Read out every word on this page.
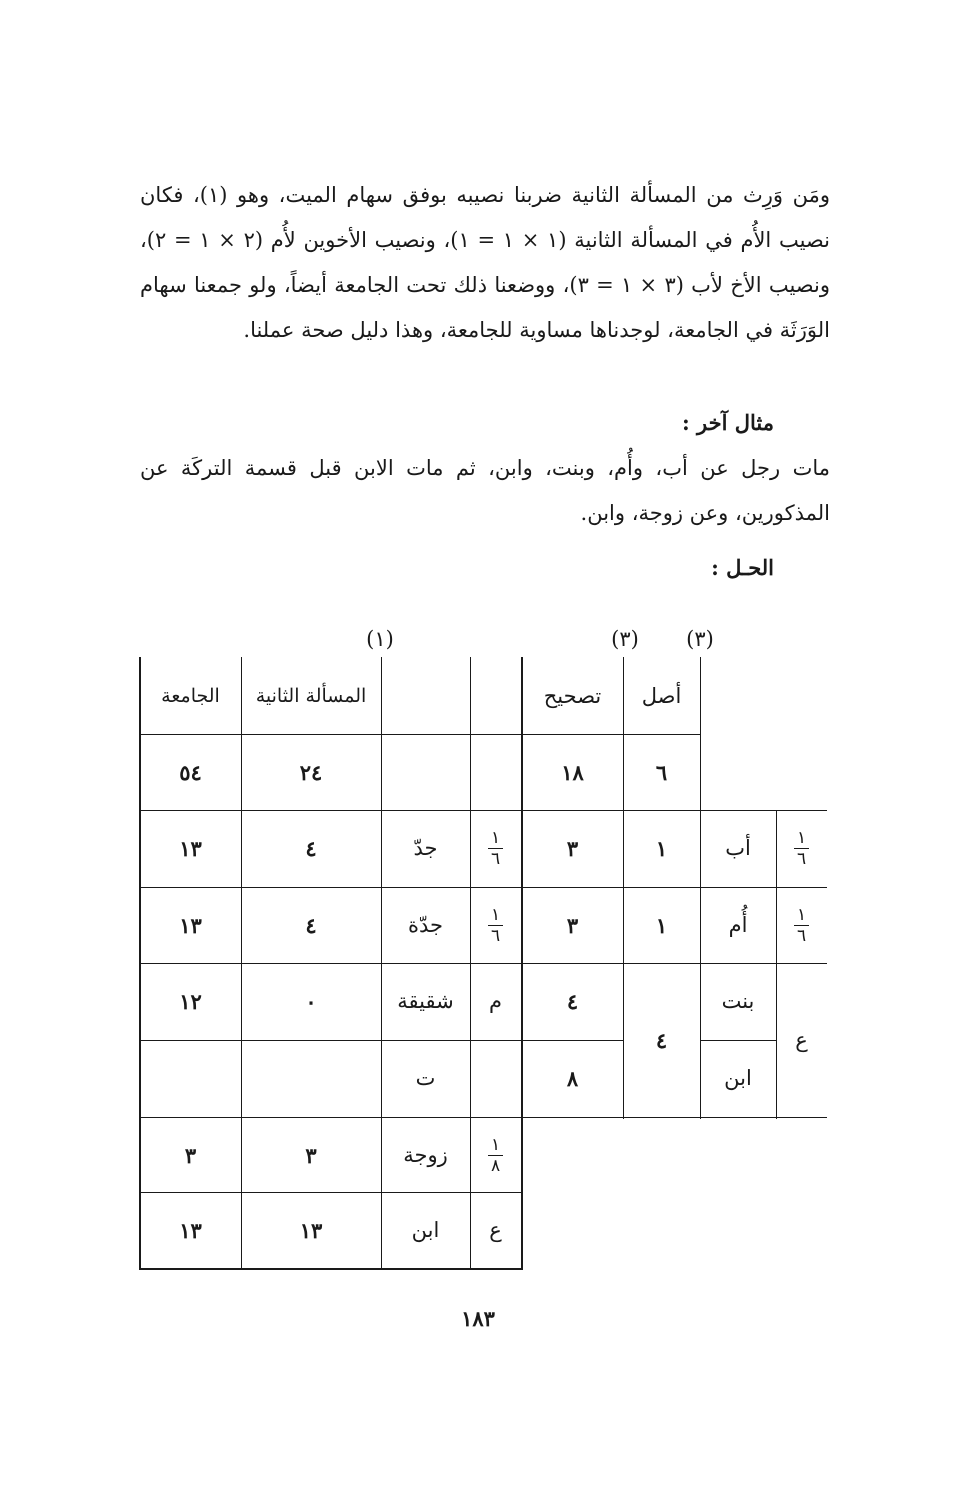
ومَن وَرِث من المسألة الثانية ضربنا نصيبه بوفق سهام الميت، وهو (١)، فكان نصيب الأُم في المسألة الثانية (١ × ١ = ١)، ونصيب الأخوين لأُم (٢ × ١ = ٢)، ونصيب الأخ لأب (٣ × ١ = ٣)، ووضعنا ذلك تحت الجامعة أيضاً، ولو جمعنا سهام الوَرَثَة في الجامعة، لوجدناها مساوية للجامعة، وهذا دليل صحة عملنا.

مثال آخر :

مات رجل عن أب، وأُم، وبنت، وابن، ثم مات الابن قبل قسمة التركَة عن المذكورين، وعن زوجة، وابن.

الحـل :

(٣)
(٣)
(١)
أصل
تصحيح
المسألة الثانية
الجامعة
٦
١٨
٢٤
٥٤
$\frac{١}{٦}$
أب
١
٣
$\frac{١}{٦}$
جدّ
٤
١٣
$\frac{١}{٦}$
أُم
١
٣
$\frac{١}{٦}$
جدّة
٤
١٣
ع
٤
بنت
٤
م
شقيقة
٠
١٢
ابن
٨
ت
$\frac{١}{٨}$
زوجة
٣
٣
ع
ابن
١٣
١٣
١٨٣
